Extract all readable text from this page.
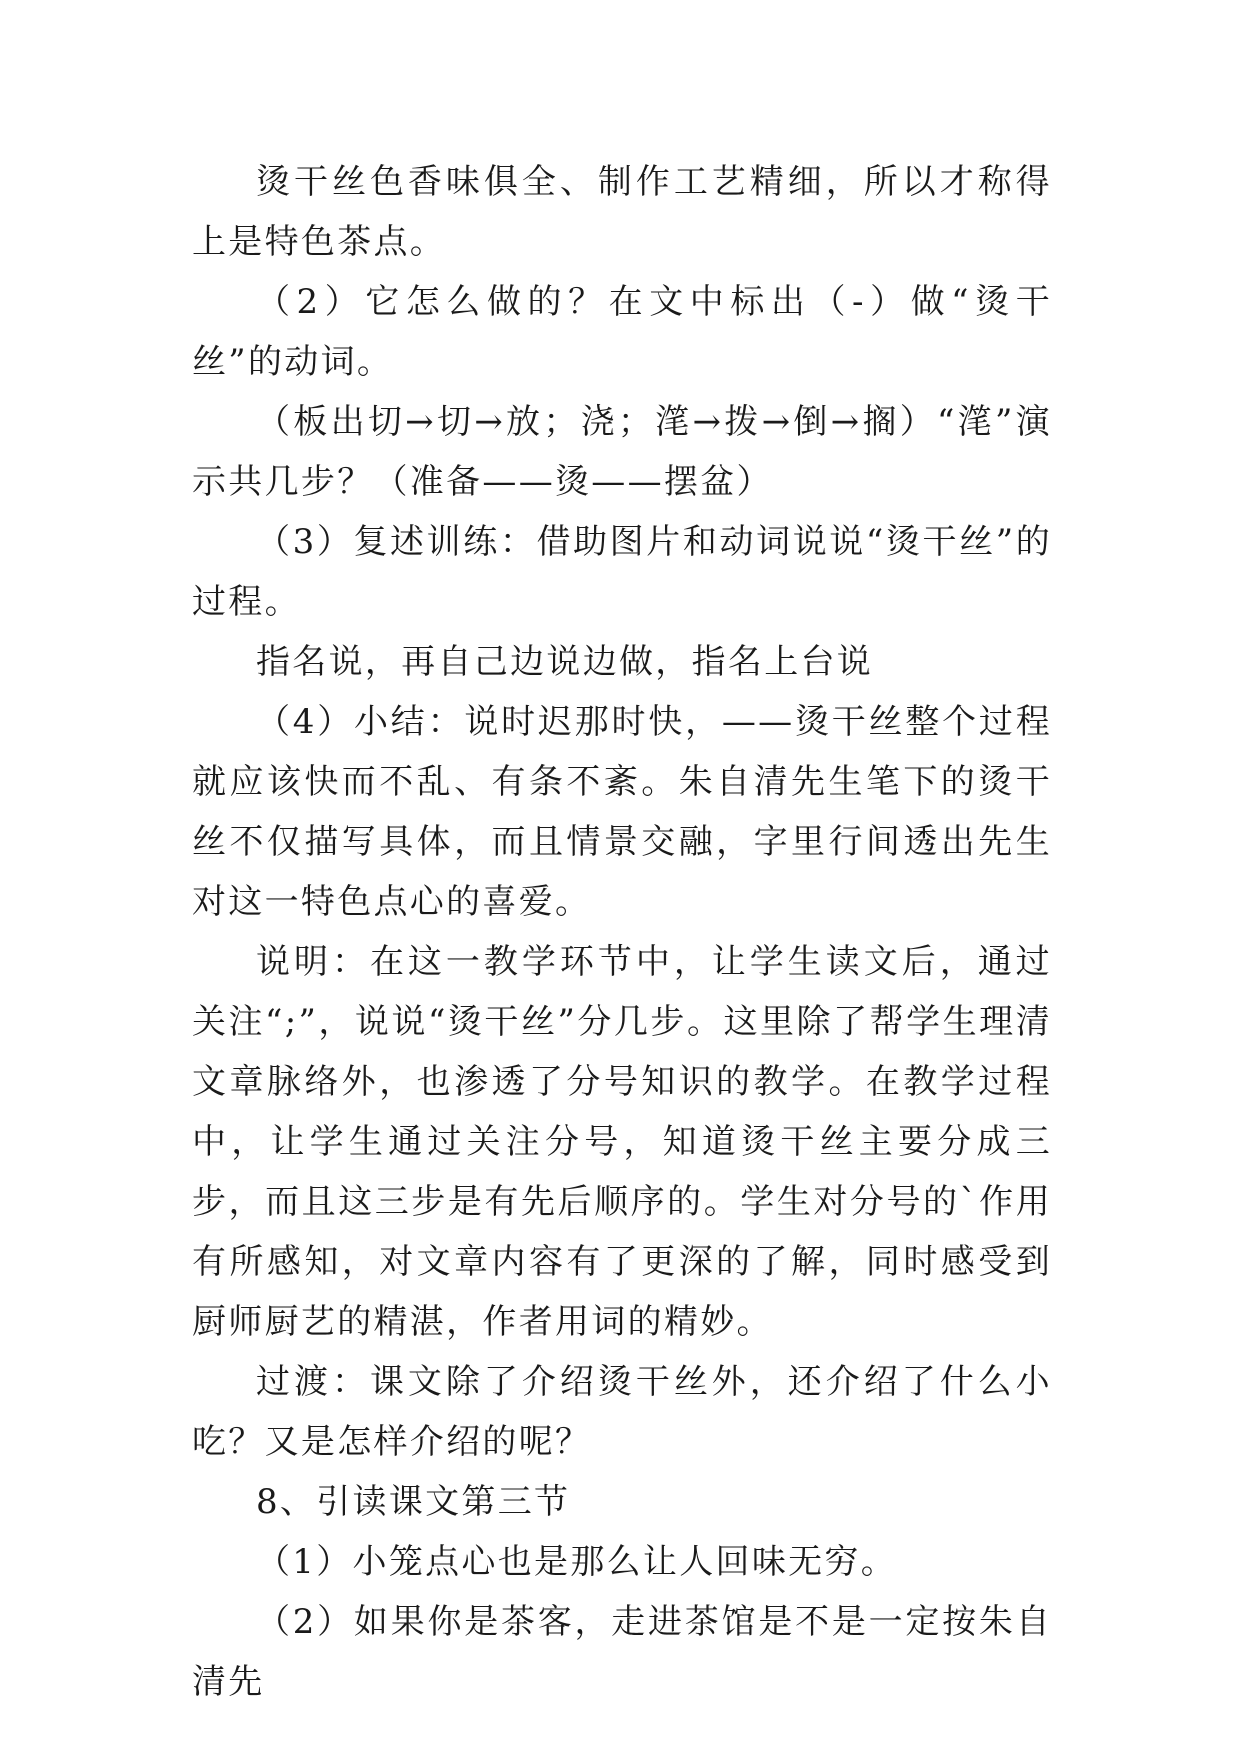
烫干丝色香味俱全、制作工艺精细，所以才称得上是特色茶点。

（2）它怎么做的？在文中标出（-）做“烫干丝”的动词。

（板出切→切→放；浇；滗→拨→倒→搁）“滗”演示共几步？（准备——烫——摆盆）

（3）复述训练：借助图片和动词说说“烫干丝”的过程。

指名说，再自己边说边做，指名上台说

（4）小结：说时迟那时快，——烫干丝整个过程就应该快而不乱、有条不紊。朱自清先生笔下的烫干丝不仅描写具体，而且情景交融，字里行间透出先生对这一特色点心的喜爱。

说明：在这一教学环节中，让学生读文后，通过关注“;”，说说“烫干丝”分几步。这里除了帮学生理清文章脉络外，也渗透了分号知识的教学。在教学过程中，让学生通过关注分号，知道烫干丝主要分成三步，而且这三步是有先后顺序的。学生对分号的`作用有所感知，对文章内容有了更深的了解，同时感受到厨师厨艺的精湛，作者用词的精妙。

过渡：课文除了介绍烫干丝外，还介绍了什么小吃？又是怎样介绍的呢？

8、引读课文第三节

（1）小笼点心也是那么让人回味无穷。

（2）如果你是茶客，走进茶馆是不是一定按朱自清先
